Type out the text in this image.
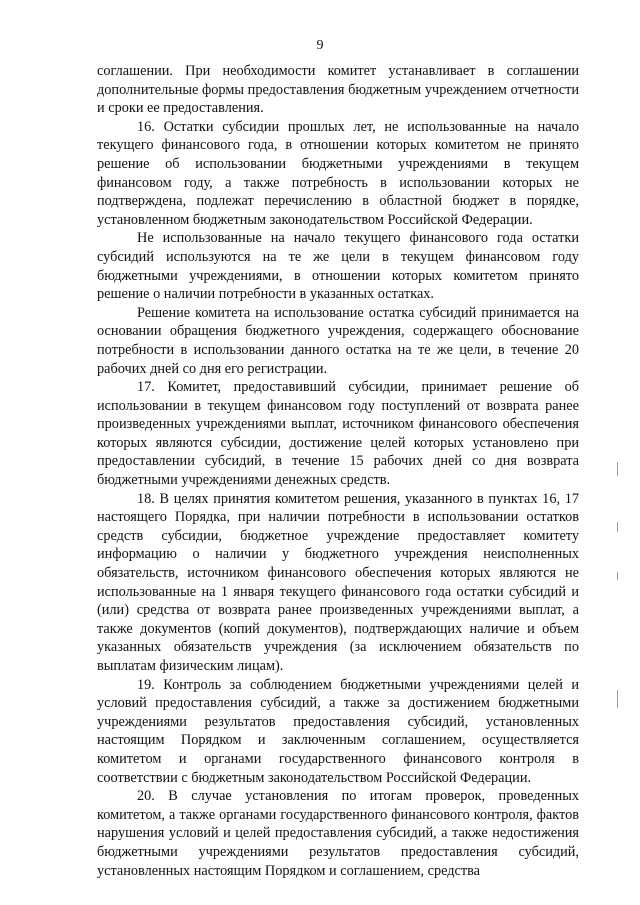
9

соглашении. При необходимости комитет устанавливает в соглашении дополнительные формы предоставления бюджетным учреждением отчетности и сроки ее предоставления.

16. Остатки субсидии прошлых лет, не использованные на начало текущего финансового года, в отношении которых комитетом не принято решение об использовании бюджетными учреждениями в текущем финансовом году, а также потребность в использовании которых не подтверждена, подлежат перечислению в областной бюджет в порядке, установленном бюджетным законодательством Российской Федерации.

Не использованные на начало текущего финансового года остатки субсидий используются на те же цели в текущем финансовом году бюджетными учреждениями, в отношении которых комитетом принято решение о наличии потребности в указанных остатках.

Решение комитета на использование остатка субсидий принимается на основании обращения бюджетного учреждения, содержащего обоснование потребности в использовании данного остатка на те же цели, в течение 20 рабочих дней со дня его регистрации.

17. Комитет, предоставивший субсидии, принимает решение об использовании в текущем финансовом году поступлений от возврата ранее произведенных учреждениями выплат, источником финансового обеспечения которых являются субсидии, достижение целей которых установлено при предоставлении субсидий, в течение 15 рабочих дней со дня возврата бюджетными учреждениями денежных средств.

18. В целях принятия комитетом решения, указанного в пунктах 16, 17 настоящего Порядка, при наличии потребности в использовании остатков средств субсидии, бюджетное учреждение предоставляет комитету информацию о наличии у бюджетного учреждения неисполненных обязательств, источником финансового обеспечения которых являются не использованные на 1 января текущего финансового года остатки субсидий и (или) средства от возврата ранее произведенных учреждениями выплат, а также документов (копий документов), подтверждающих наличие и объем указанных обязательств учреждения (за исключением обязательств по выплатам физическим лицам).

19. Контроль за соблюдением бюджетными учреждениями целей и условий предоставления субсидий, а также за достижением бюджетными учреждениями результатов предоставления субсидий, установленных настоящим Порядком и заключенным соглашением, осуществляется комитетом и органами государственного финансового контроля в соответствии с бюджетным законодательством Российской Федерации.

20. В случае установления по итогам проверок, проведенных комитетом, а также органами государственного финансового контроля, фактов нарушения условий и целей предоставления субсидий, а также недостижения бюджетными учреждениями результатов предоставления субсидий, установленных настоящим Порядком и соглашением, средства
